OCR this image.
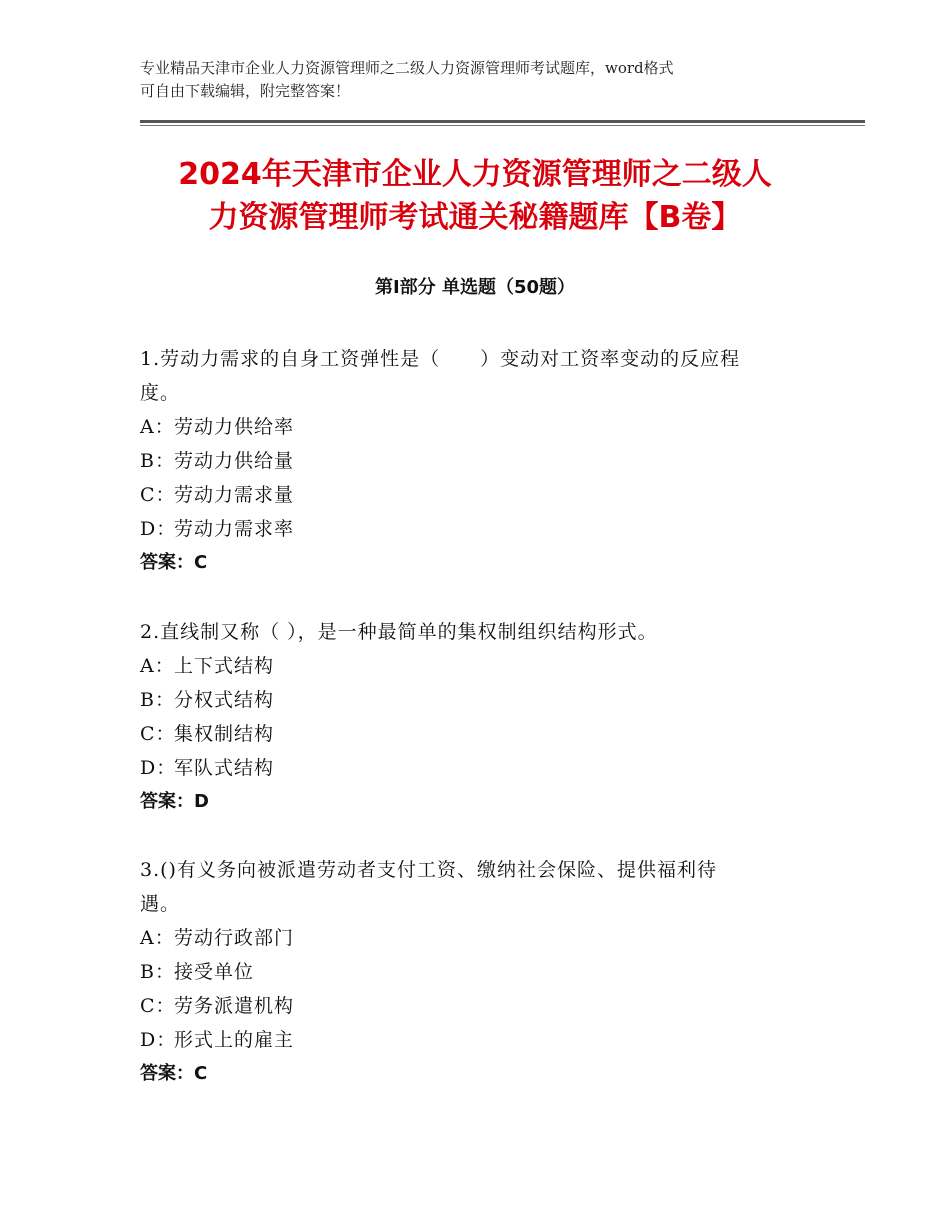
专业精品天津市企业人力资源管理师之二级人力资源管理师考试题库，word格式
可自由下载编辑，附完整答案！
2024年天津市企业人力资源管理师之二级人
力资源管理师考试通关秘籍题库【B卷】
第Ⅰ部分 单选题（50题）

1.劳动力需求的自身工资弹性是（　　）变动对工资率变动的反应程

度。

A：劳动力供给率

B：劳动力供给量

C：劳动力需求量

D：劳动力需求率

答案：C

2.直线制又称（ ），是一种最简单的集权制组织结构形式。

A：上下式结构

B：分权式结构

C：集权制结构

D：军队式结构

答案：D

3.()有义务向被派遣劳动者支付工资、缴纳社会保险、提供福利待

遇。

A：劳动行政部门

B：接受单位

C：劳务派遣机构

D：形式上的雇主

答案：C
